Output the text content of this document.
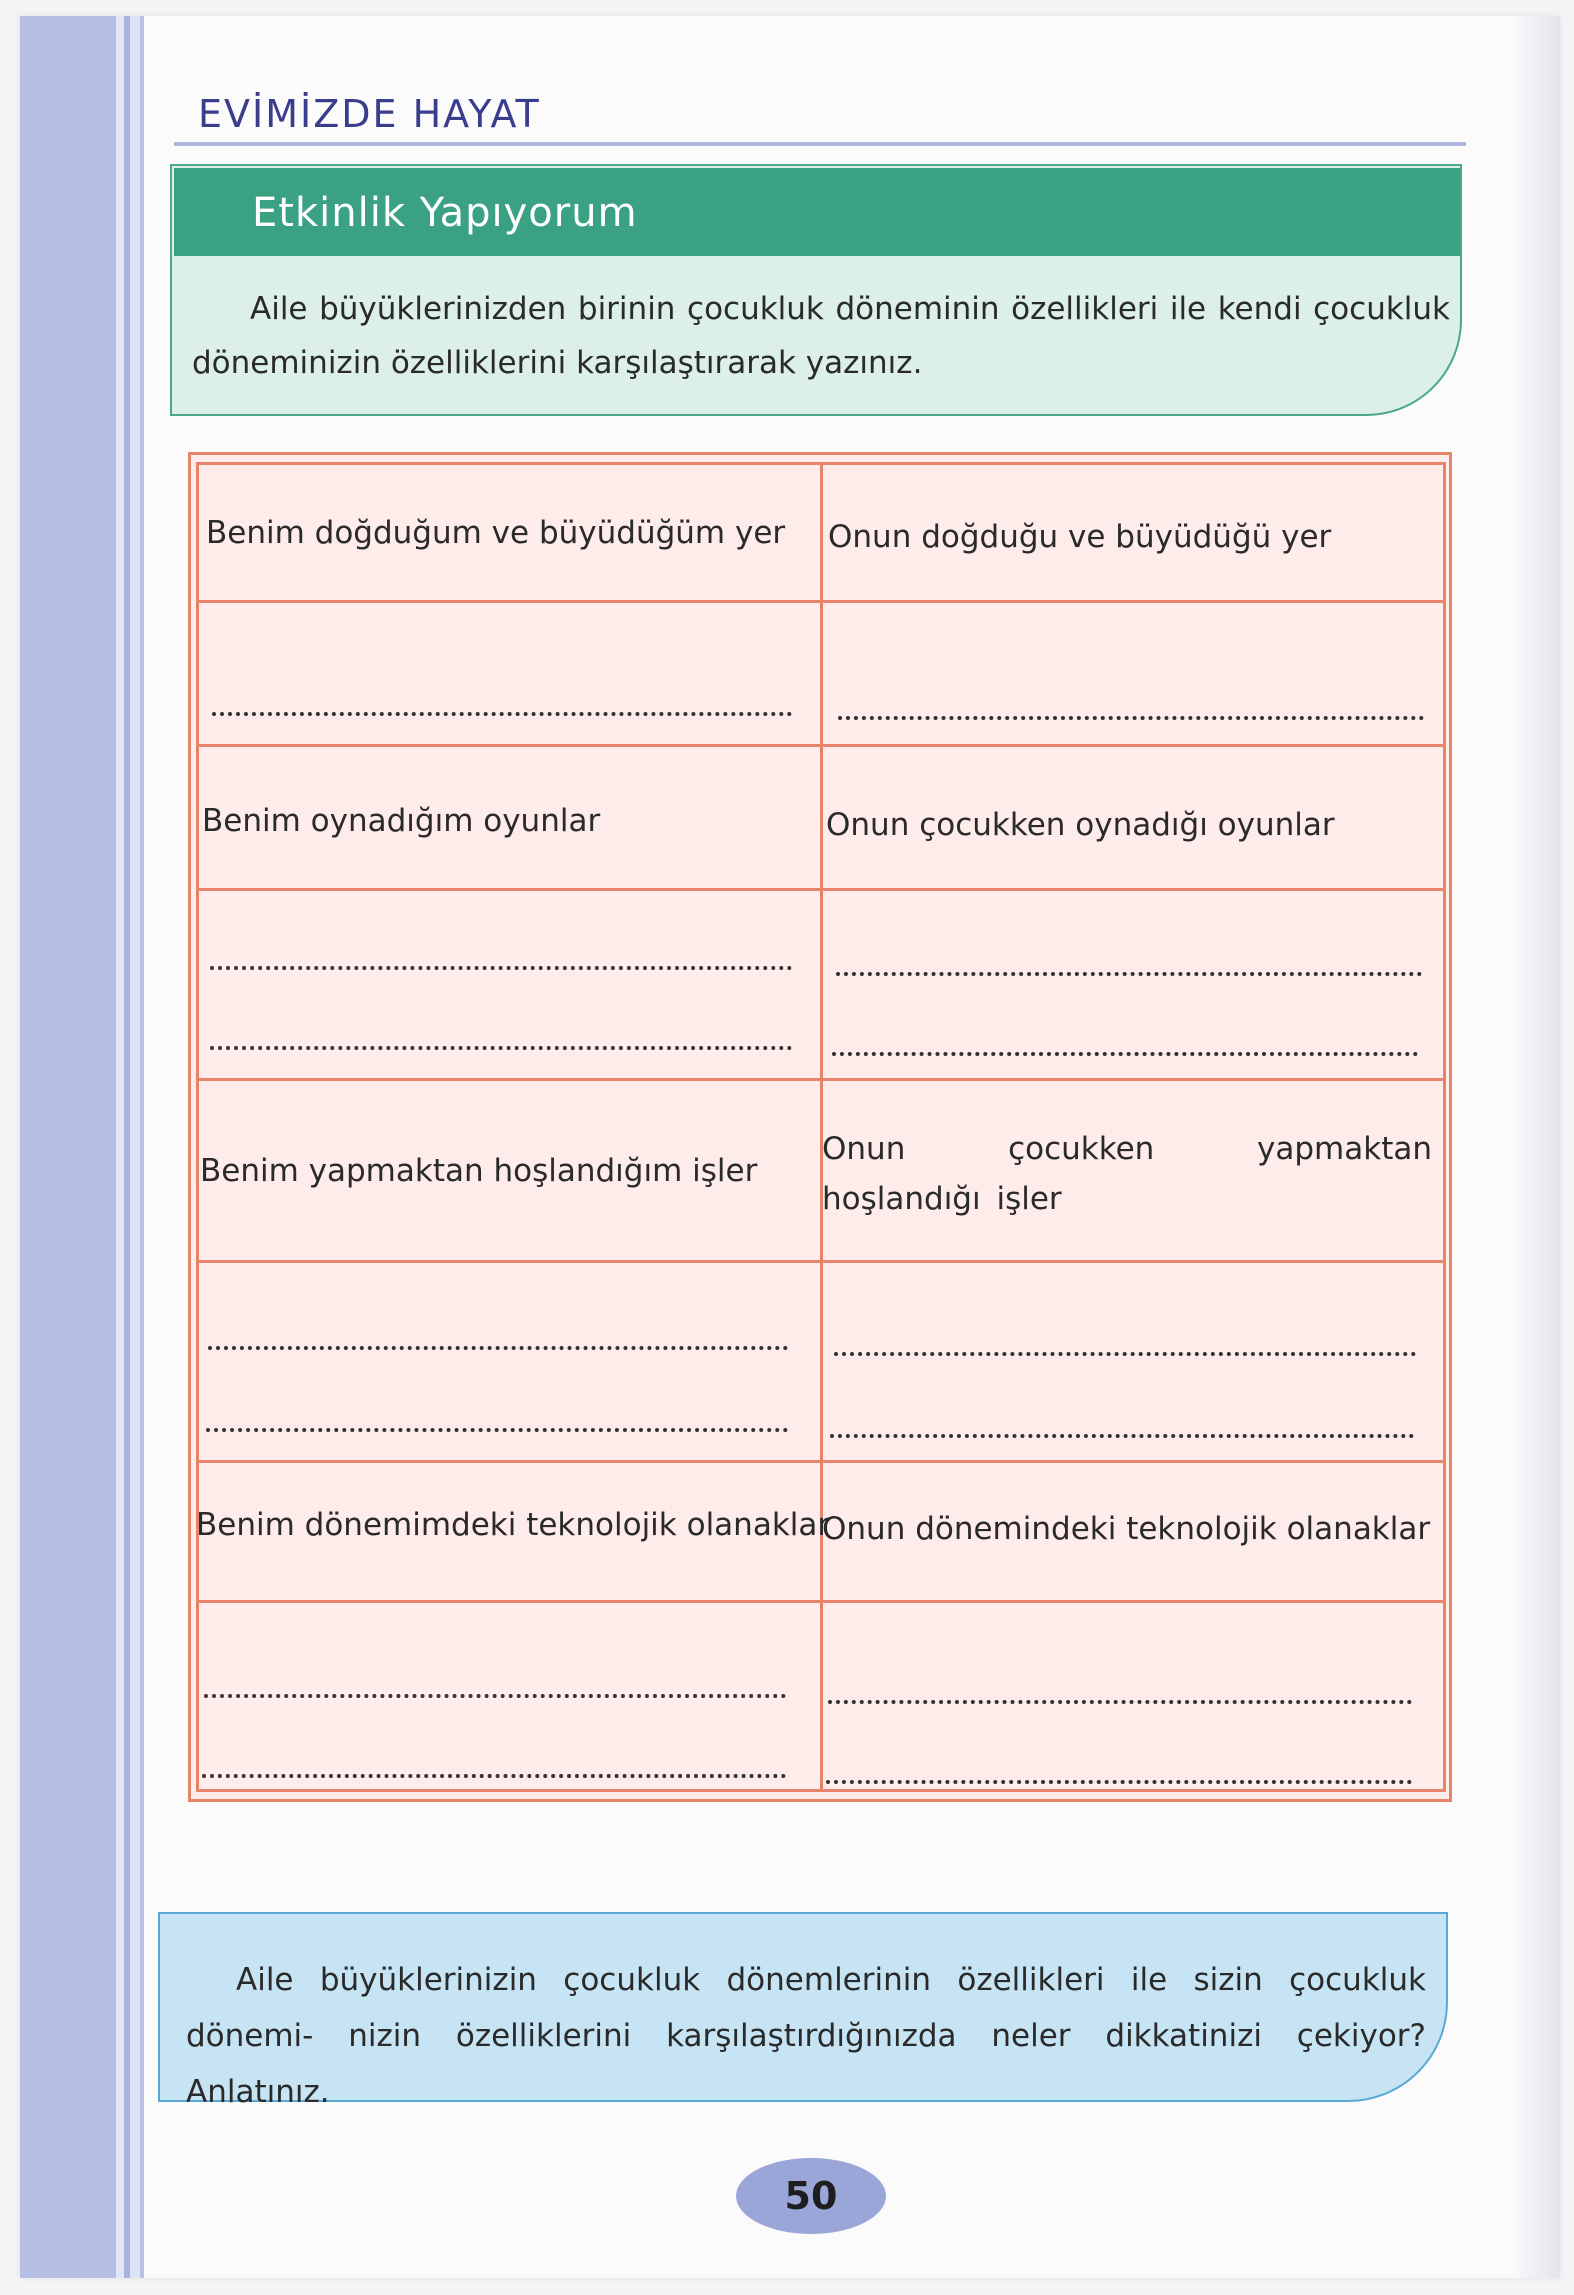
EVİMİZDE HAYAT
Etkinlik Yapıyorum
Aile büyüklerinizden birinin çocukluk döneminin özellikleri ile kendi çocukluk döneminizin özelliklerini karşılaştırarak yazınız.
Benim doğduğum ve büyüdüğüm yer Onun doğduğu ve büyüdüğü yer
Benim oynadığım oyunlar	Onun çocukken oynadığı oyunlar
Benim yapmaktan hoşlandığım işler
Onun çocukken yapmaktan hoşlandığı işler
Benim dönemimdeki teknolojik olanaklar
Onun dönemindeki teknolojik olanaklar
Aile büyüklerinizin çocukluk dönemlerinin özellikleri ile sizin çocukluk dönemi- nizin özelliklerini karşılaştırdığınızda neler dikkatinizi çekiyor? Anlatınız.
50
